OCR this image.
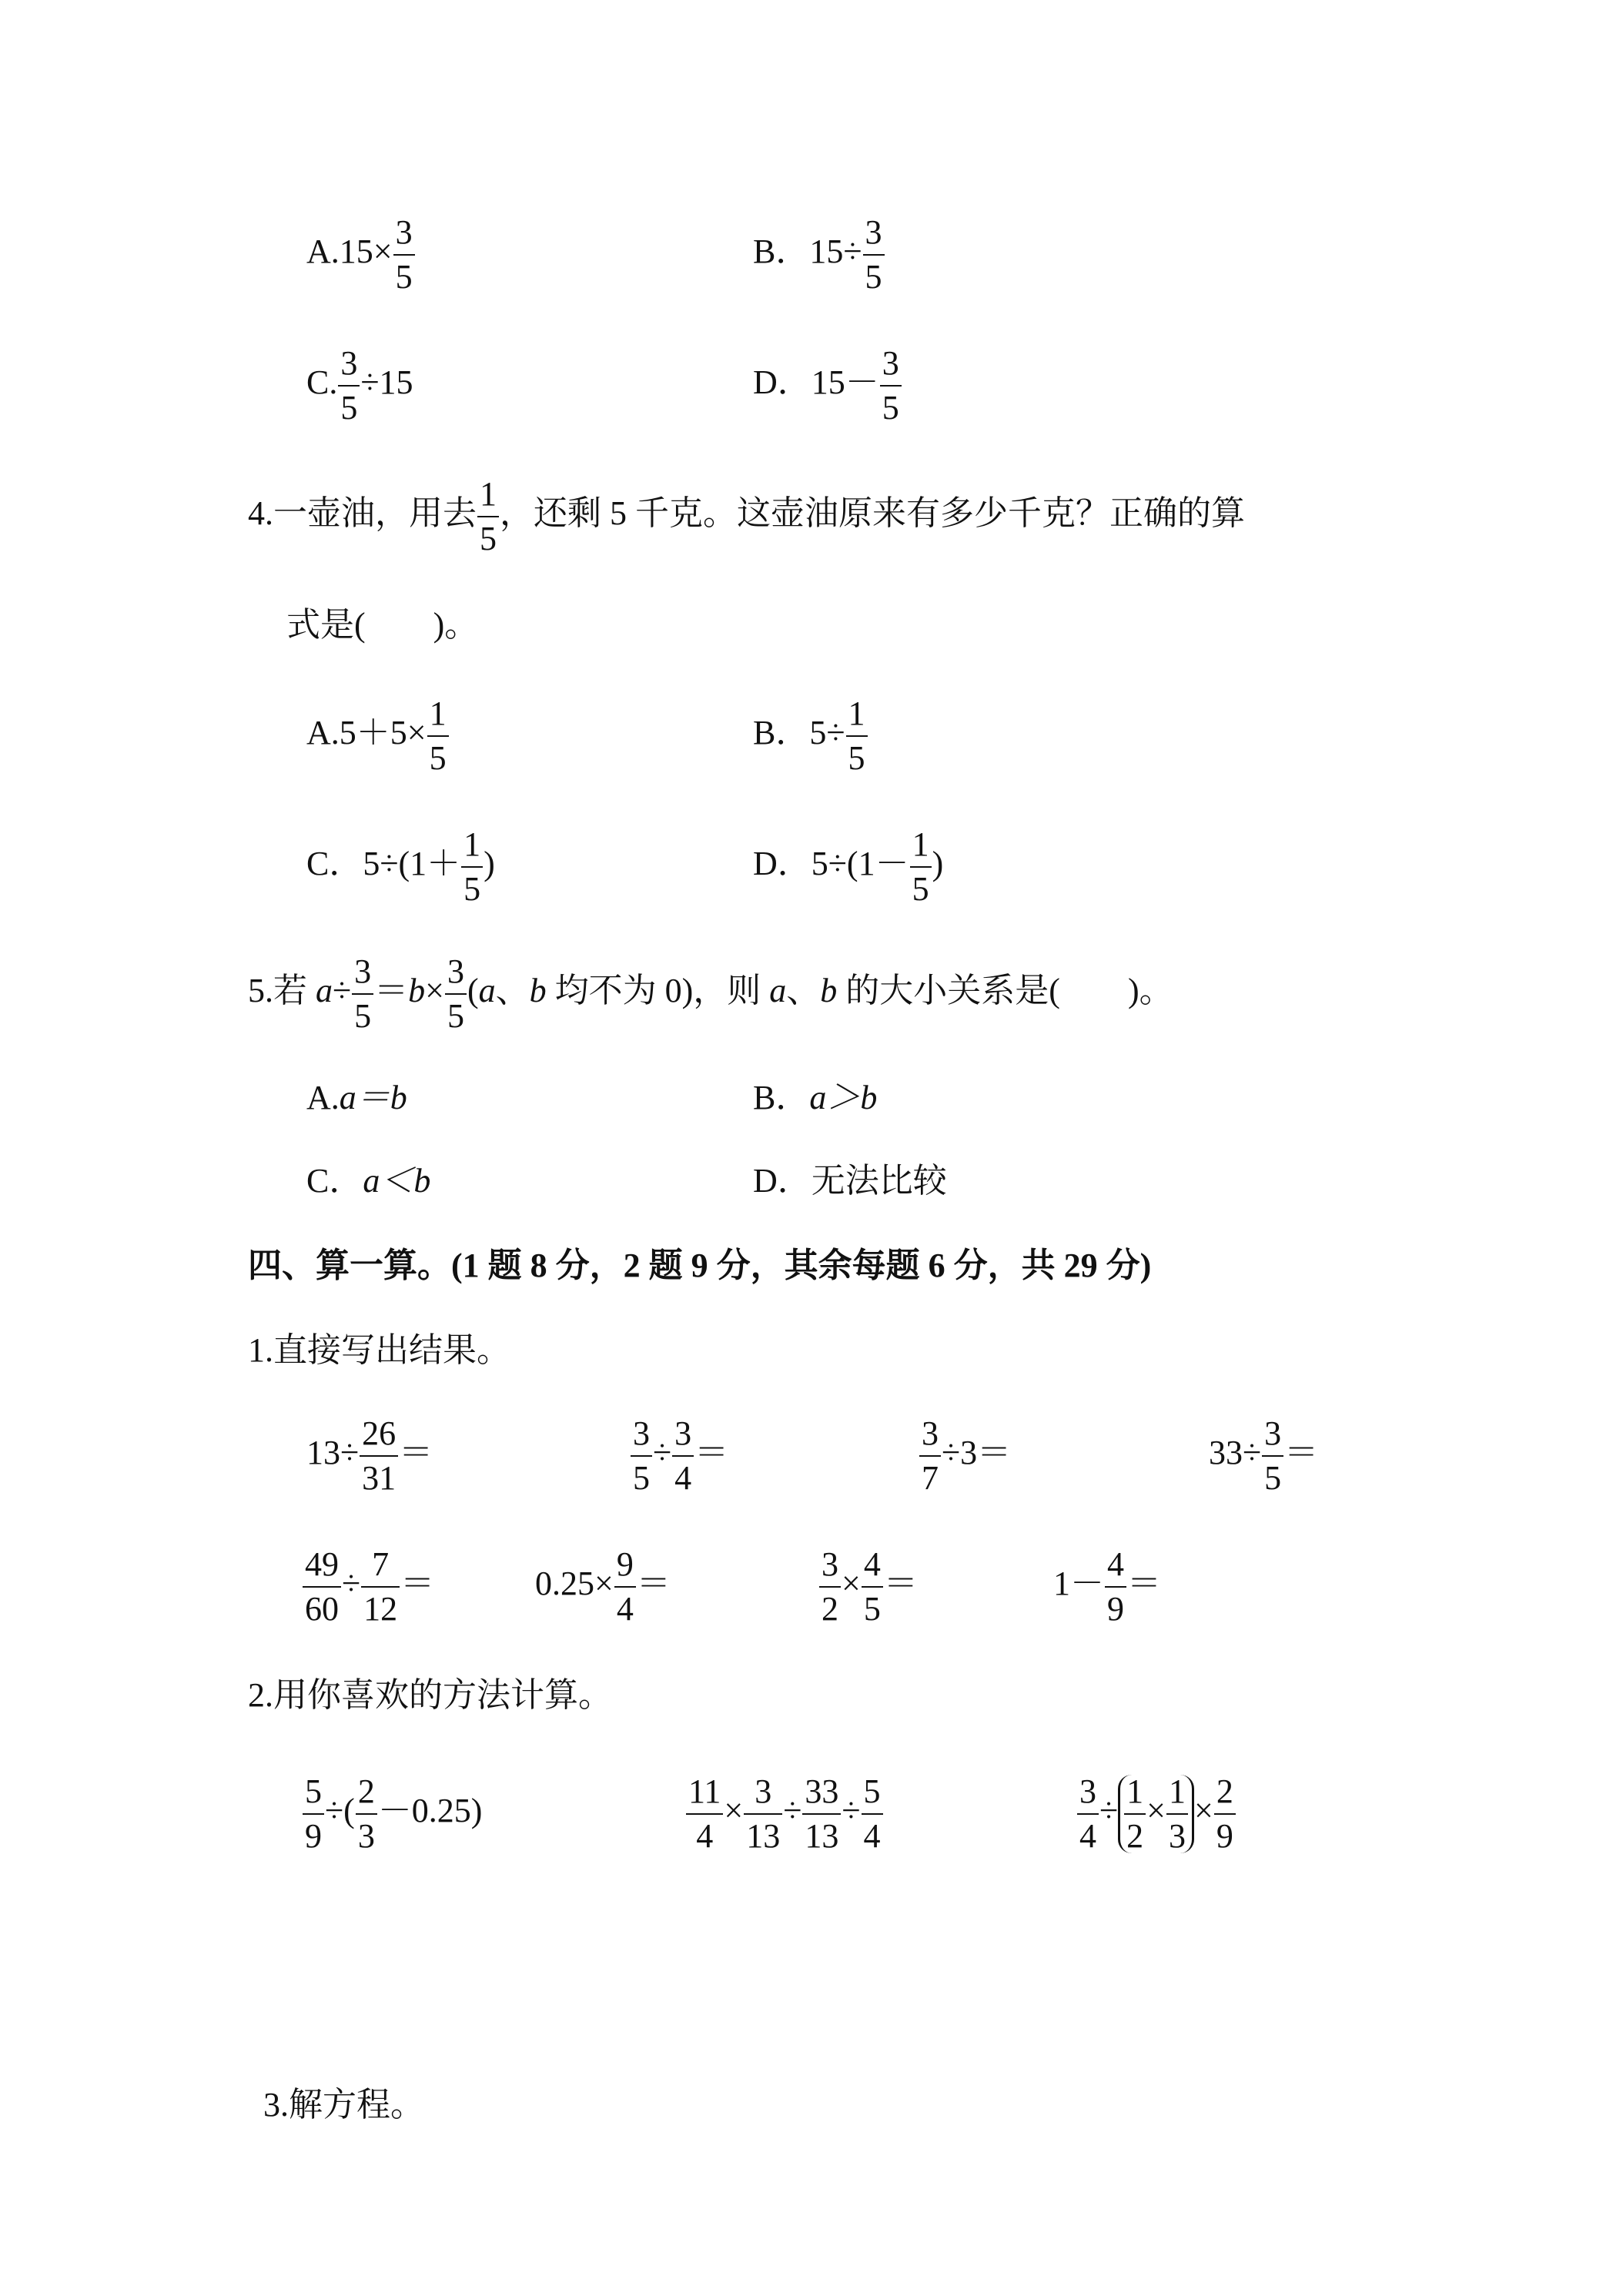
$A.15\times \frac{3}{5}$	B．$15\div \frac{3}{5}$
C. $\frac{3}{5} \div 15$	D．$15- \frac{3}{5}$
4.一壶油，用去 $\frac{1}{5}$ ，还剩 5 千克。这壶油原来有多少千克？正确的算
式是(　　)。
$A.5+5\times \frac{1}{5}$	B．$5\div \frac{1}{5}$
C．$5\div(1+ \frac{1}{5}$ )	D．$5\div(1- \frac{1}{5}$ )
5.若 $a\div \frac{3}{5} =b\times \frac{3}{5} (a$、b 均不为 0)，则 a、b 的大小关系是(　　)。
A.a＝b	B．a＞b
C．a＜b	D．无法比较
四、算一算。(1 题 8 分，2 题 9 分，其余每题 6 分，共 29 分)
1.直接写出结果。
$13\div \frac{26}{31}$ ＝	$\frac{3}{5} \div \frac{3}{4}$ ＝	$\frac{3}{7} \div 3=$	$33\div \frac{3}{5}$ ＝
$\frac{49}{60} \div \frac{7}{12}$ ＝	$0.25\times \frac{9}{4}$ ＝	$\frac{3}{2} \times \frac{4}{5}$ ＝	$1- \frac{4}{9}$ ＝
2.用你喜欢的方法计算。
$\frac{5}{9}$ ÷( $\frac{2}{3} -0.25$)	$\frac{11}{4} \times \frac{3}{13} \div \frac{33}{13} \div \frac{5}{4}$	$\frac{3}{4} \div \frac{1}{2} \times \frac{1}{3} \times \frac{2}{9}$
3.解方程。
